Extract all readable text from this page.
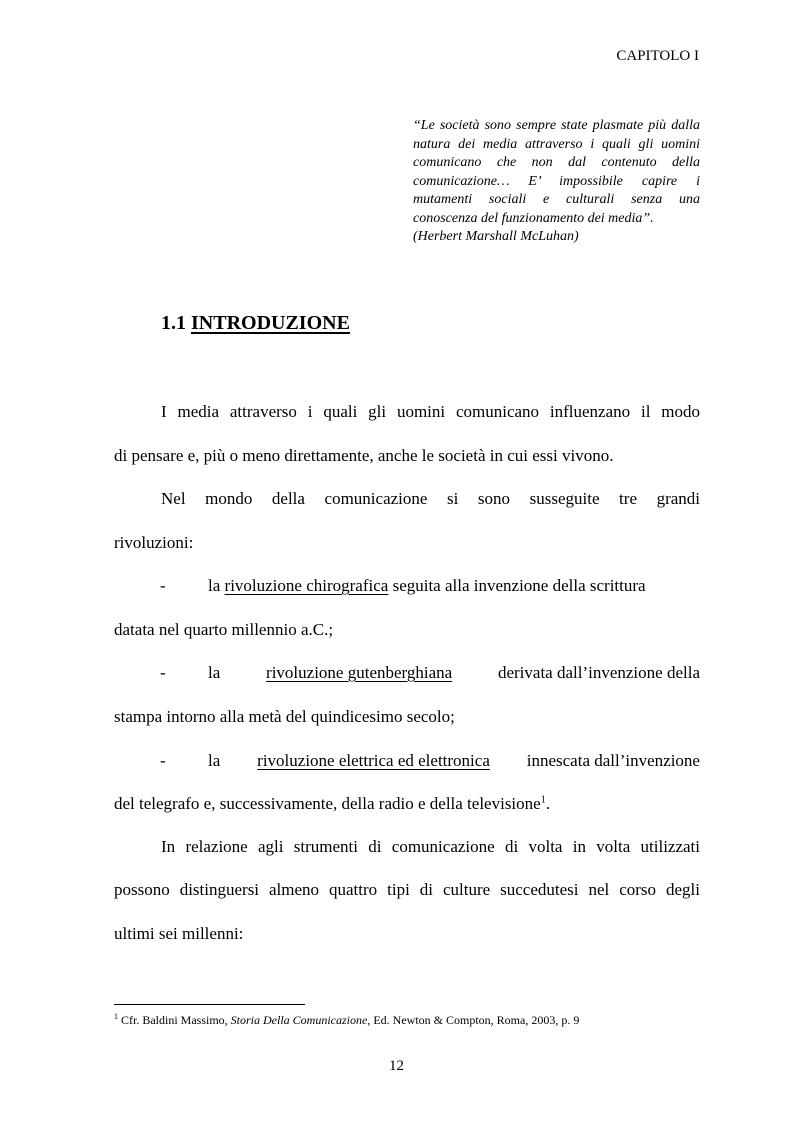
CAPITOLO I
“Le società sono sempre state plasmate più dalla natura dei media attraverso i quali gli uomini comunicano che non dal contenuto della comunicazione… E’ impossibile capire i mutamenti sociali e culturali senza una conoscenza del funzionamento dei media”.
(Herbert Marshall McLuhan)
1.1 INTRODUZIONE
I media attraverso i quali gli uomini comunicano influenzano il modo
di pensare e, più o meno direttamente, anche le società in cui essi vivono.
Nel mondo della comunicazione si sono susseguite tre grandi
rivoluzioni:
- la rivoluzione chirografica seguita alla invenzione della scrittura
datata nel quarto millennio a.C.;
- la	rivoluzione gutenberghiana	derivata dall’invenzione della
stampa intorno alla metà del quindicesimo secolo;
- la rivoluzione elettrica ed elettronica innescata dall’invenzione
del telegrafo e, successivamente, della radio e della televisione$^1$.
In relazione agli strumenti di comunicazione di volta in volta utilizzati
possono distinguersi almeno quattro tipi di culture succedutesi nel corso degli
ultimi sei millenni:
$^1$ Cfr. Baldini Massimo, Storia Della Comunicazione, Ed. Newton & Compton, Roma, 2003, p. 9
12
